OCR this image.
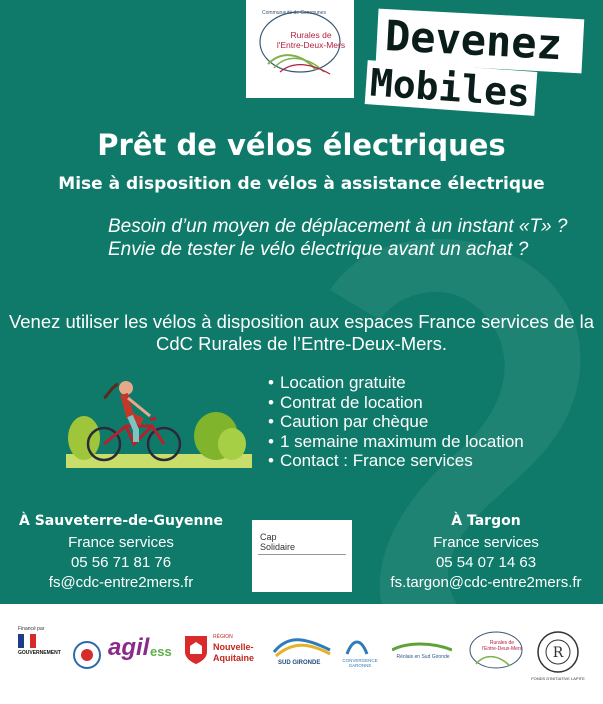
Communauté de Communes
Rurales de
l'Entre-Deux-Mers Devenez
Mobiles
Prêt de vélos électriques
Mise à disposition de vélos à assistance électrique
Besoin d’un moyen de déplacement à un instant «T» ? Envie de tester le vélo électrique avant un achat ?
Venez utiliser les vélos à disposition aux espaces France services de la CdC Rurales de l’Entre-Deux-Mers.
• Location gratuite
• Contrat de location
• Caution par chèque
• 1 semaine maximum de location
• Contact : France services
À Sauveterre-de-Guyenne
France services
05 56 71 81 76
fs@cdc-entre2mers.fr
Cap
Solidaire
À Targon
France services
05 54 07 14 63
fs.targon@cdc-entre2mers.fr
Financé par
GOUVERNEMENT agil ess
RÉGION
Nouvelle-Aquitaine	SUD GIRONDE	CONVERGENCE GARONNE
Réolais en Sud Gironde
Rurales de
l'Entre-Deux-Mers R
FONDS D'INITIATIVE LAPITE
